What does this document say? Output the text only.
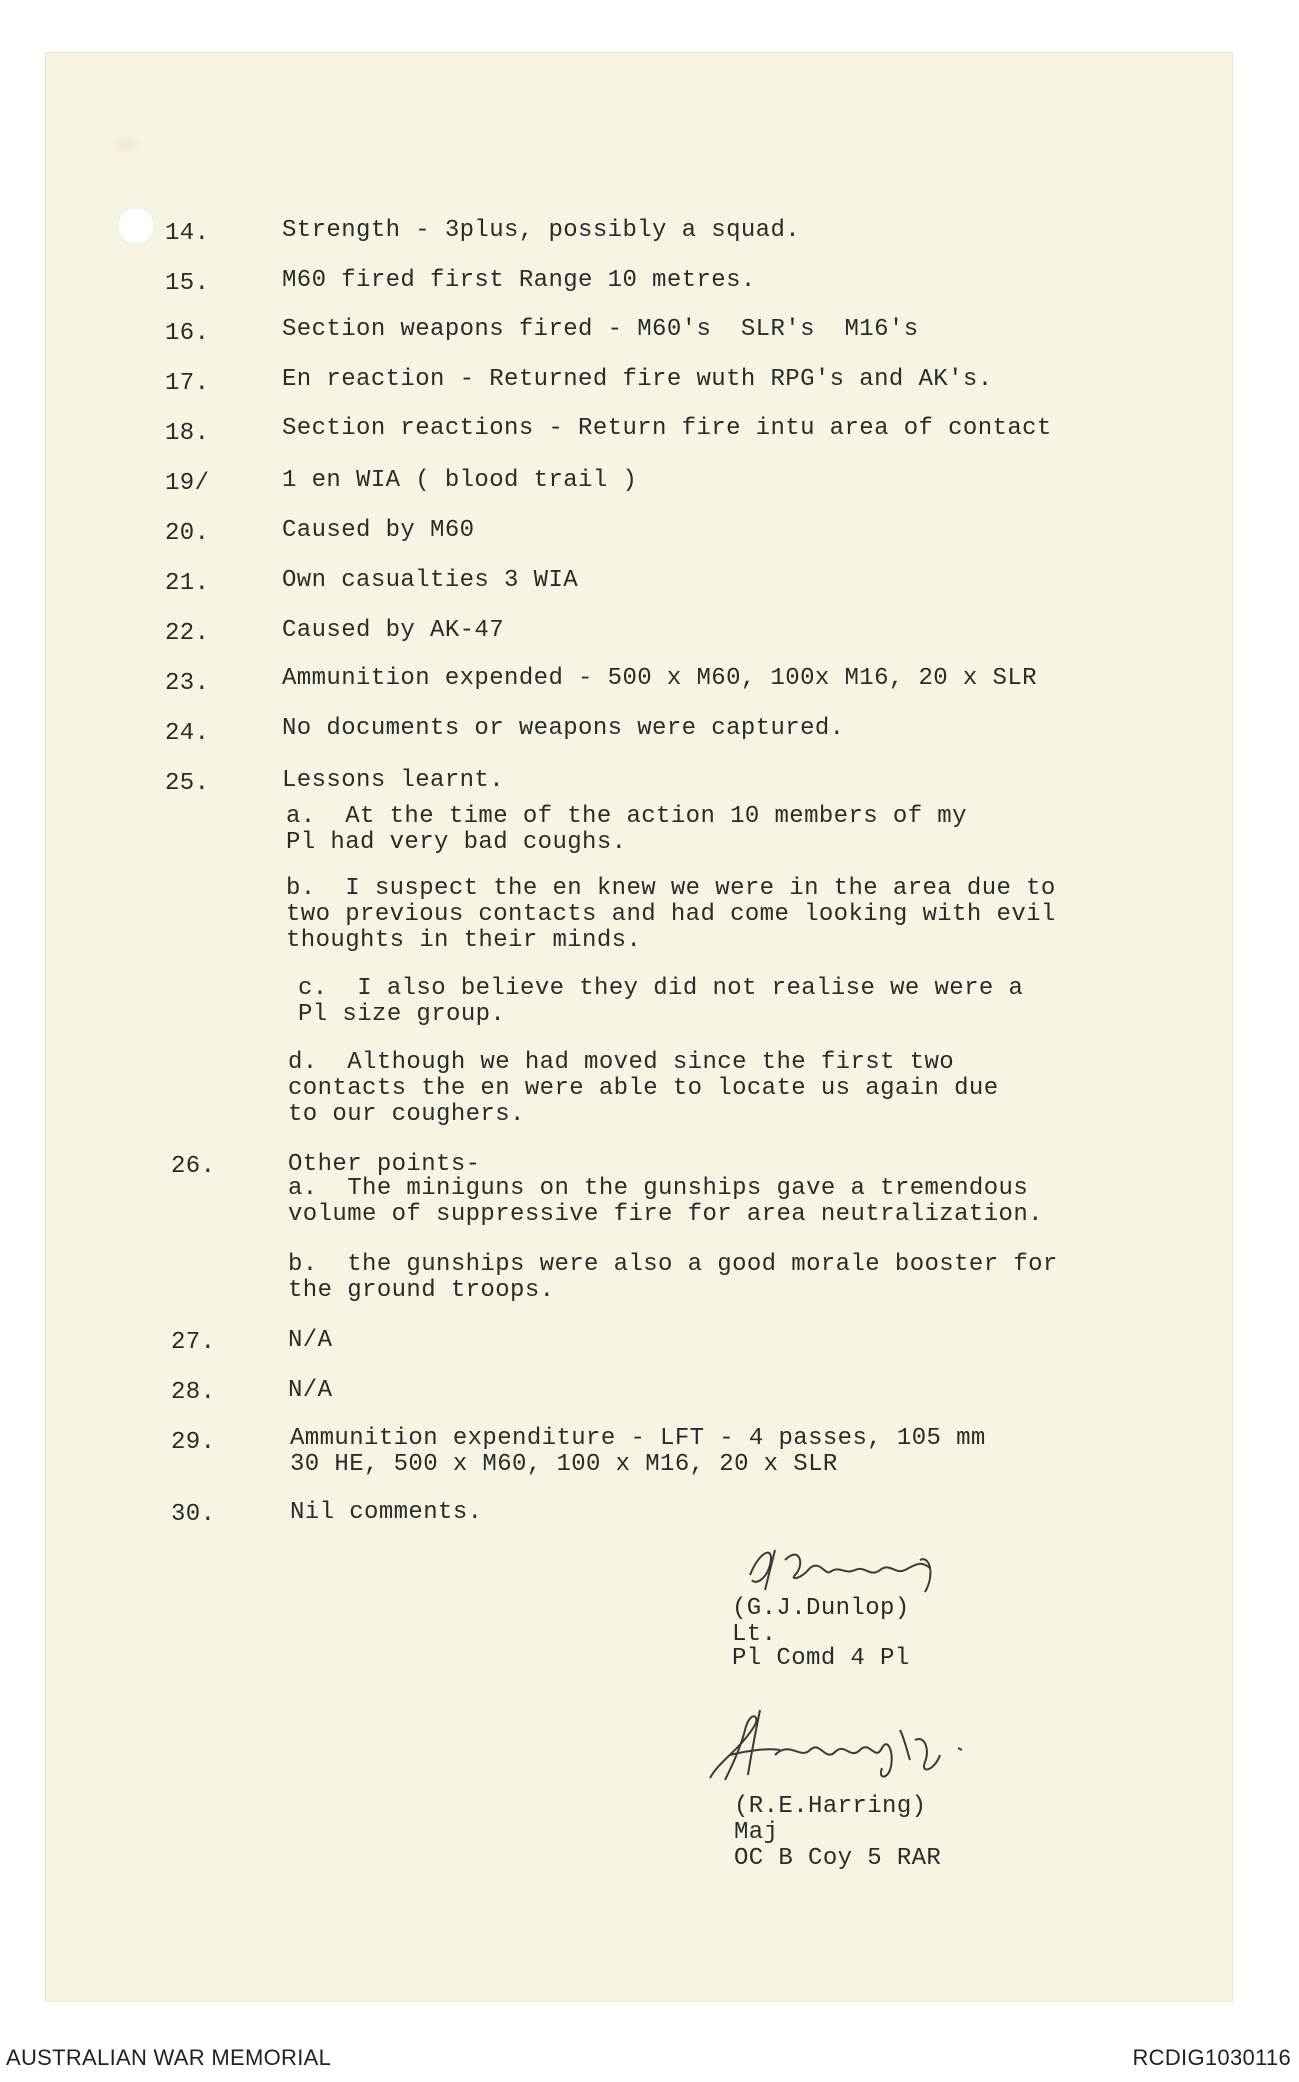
14.	Strength - 3plus, possibly a squad.
15.	M60 fired first Range 10 metres.
16.	Section weapons fired - M60's  SLR's  M16's
17.	En reaction - Returned fire wuth RPG's and AK's.
18.	Section reactions - Return fire intu area of contact
19/	1 en WIA ( blood trail )
20.	Caused by M60
21.	Own casualties 3 WIA
22.	Caused by AK-47
23.	Ammunition expended - 500 x M60, 100x M16, 20 x SLR
24.	No documents or weapons were captured.
25.	Lessons learnt.
a.  At the time of the action 10 members of my
Pl had very bad coughs.
b.  I suspect the en knew we were in the area due to
two previous contacts and had come looking with evil
thoughts in their minds.
c.  I also believe they did not realise we were a
Pl size group.
d.  Although we had moved since the first two
contacts the en were able to locate us again due
to our coughers.
26.	Other points-
a.  The miniguns on the gunships gave a tremendous
volume of suppressive fire for area neutralization.
b.  the gunships were also a good morale booster for
the ground troops.
27.	N/A
28.	N/A
29.	Ammunition expenditure - LFT - 4 passes, 105 mm
30 HE, 500 x M60, 100 x M16, 20 x SLR
30.	Nil comments.
(G.J.Dunlop)
Lt.
Pl Comd 4 Pl
(R.E.Harring)
Maj
OC B Coy 5 RAR
AUSTRALIAN WAR MEMORIAL	RCDIG1030116
